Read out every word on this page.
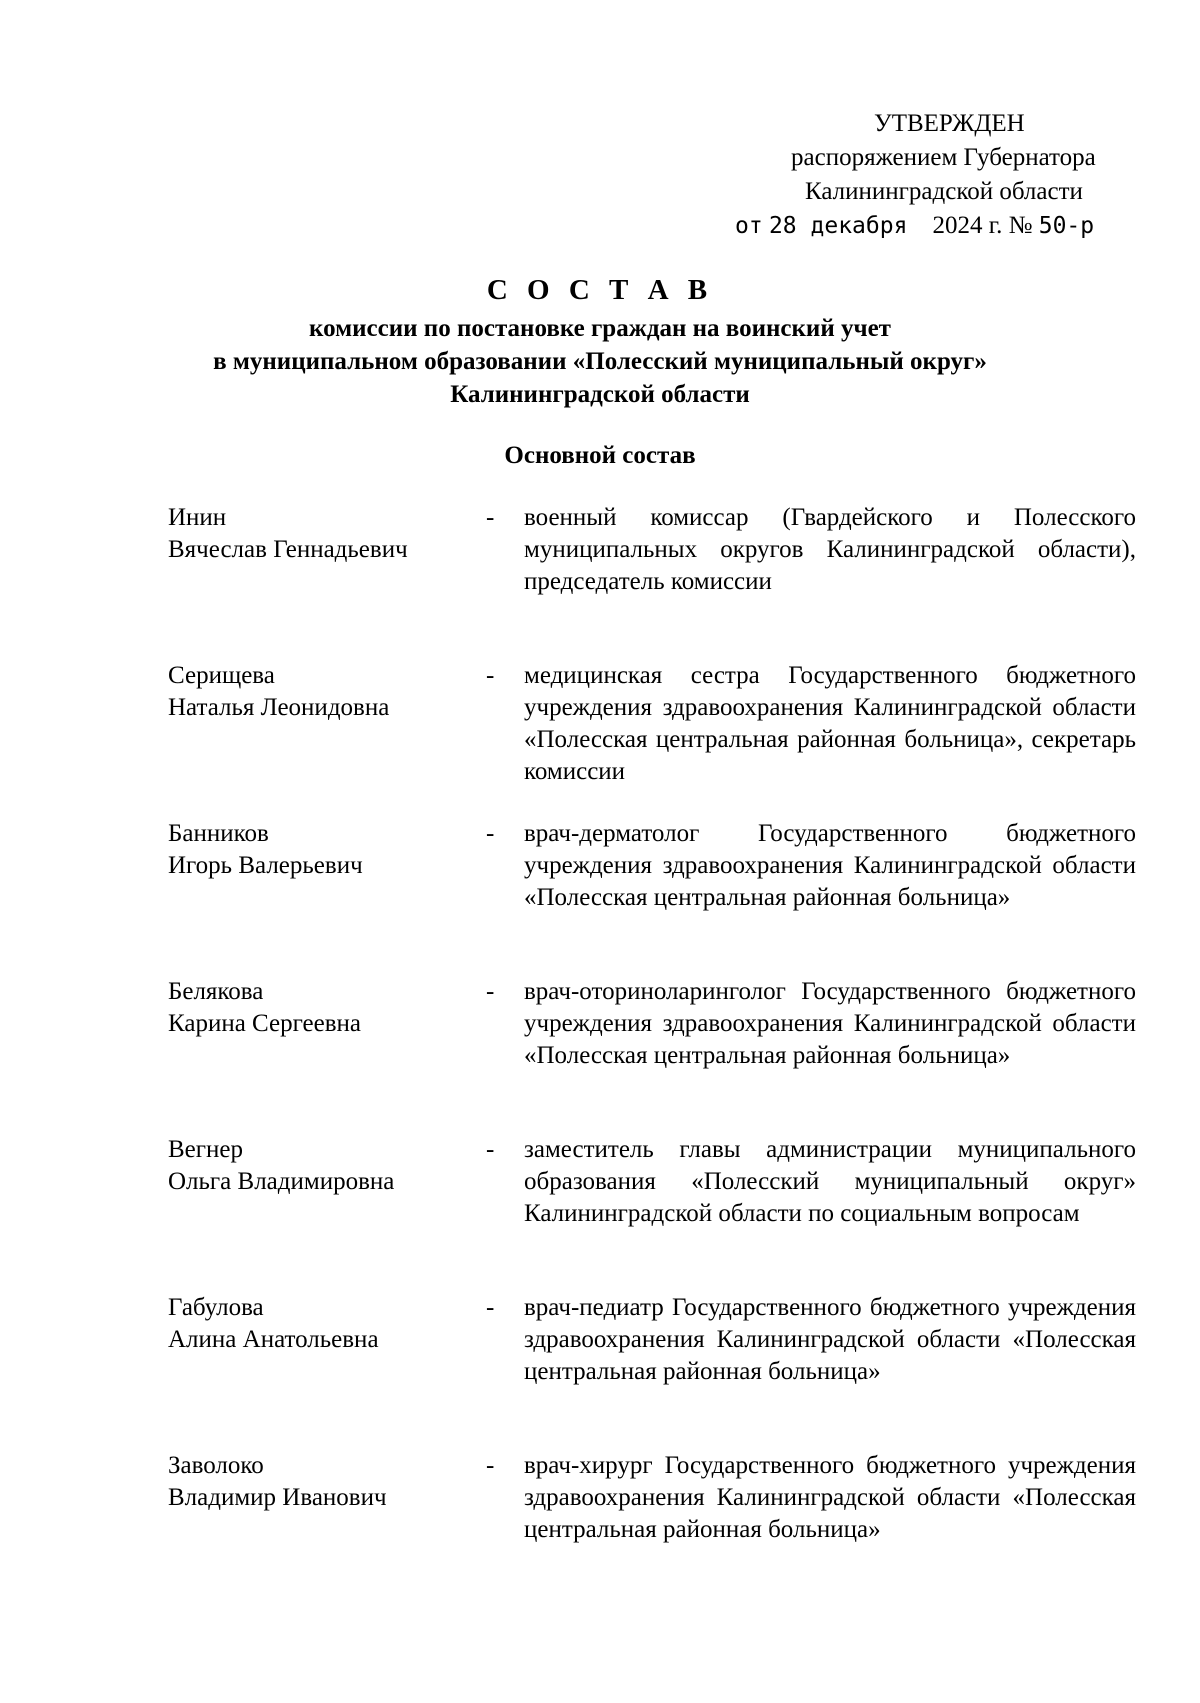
УТВЕРЖДЕН
распоряжением Губернатора
Калининградской области
от 28 декабря 2024 г. № 50-р
С О С Т А В
комиссии по постановке граждан на воинский учет
в муниципальном образовании «Полесский муниципальный округ»
Калининградской области
Основной состав
Инин
Вячеслав Геннадьевич
- военный комиссар (Гвардейского и Полесского муниципальных округов Калининградской области), председатель комиссии
Серищева
Наталья Леонидовна
- медицинская сестра Государственного бюджетного учреждения здравоохранения Калининградской области «Полесская центральная районная больница», секретарь комиссии
Банников
Игорь Валерьевич
- врач-дерматолог Государственного бюджетного учреждения здравоохранения Калининградской области «Полесская центральная районная больница»
Белякова
Карина Сергеевна
- врач-оториноларинголог Государственного бюджетного учреждения здравоохранения Калининградской области «Полесская центральная районная больница»
Вегнер
Ольга Владимировна
- заместитель главы администрации муниципального образования «Полесский муниципальный округ» Калининградской области по социальным вопросам
Габулова
Алина Анатольевна
- врач-педиатр Государственного бюджетного учреждения здравоохранения Калининградской области «Полесская центральная районная больница»
Заволоко
Владимир Иванович
- врач-хирург Государственного бюджетного учреждения здравоохранения Калининградской области «Полесская центральная районная больница»
